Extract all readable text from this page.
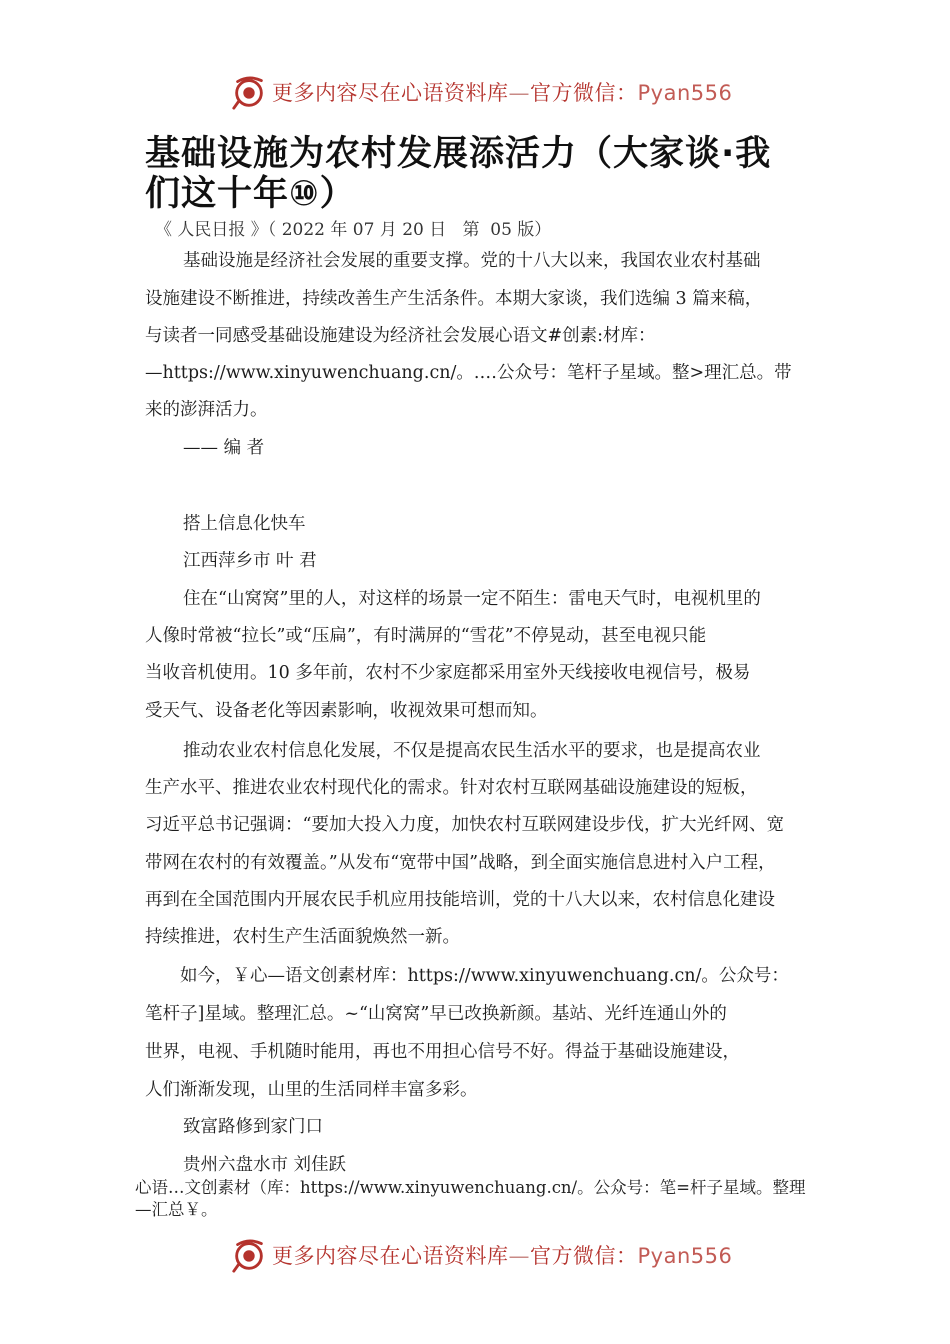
更多内容尽在心语资料库—官方微信：Pyan556
基础设施为农村发展添活力（大家谈·我
们这十年⑩）
《 人民日报 》（ 2022 年 07 月 20 日   第  05 版）
基础设施是经济社会发展的重要支撑。党的十八大以来，我国农业农村基础
设施建设不断推进，持续改善生产生活条件。本期大家谈，我们选编 3 篇来稿，
与读者一同感受基础设施建设为经济社会发展心语文#创素:材库：
—https://www.xinyuwenchuang.cn/。.…公众号：笔杆子星域。整>理汇总。带
来的澎湃活力。
—— 编 者
搭上信息化快车
江西萍乡市 叶 君
住在“山窝窝”里的人，对这样的场景一定不陌生：雷电天气时，电视机里的
人像时常被“拉长”或“压扁”，有时满屏的“雪花”不停晃动，甚至电视只能
当收音机使用。10 多年前，农村不少家庭都采用室外天线接收电视信号，极易
受天气、设备老化等因素影响，收视效果可想而知。
推动农业农村信息化发展，不仅是提高农民生活水平的要求，也是提高农业
生产水平、推进农业农村现代化的需求。针对农村互联网基础设施建设的短板，
习近平总书记强调：“要加大投入力度，加快农村互联网建设步伐，扩大光纤网、宽
带网在农村的有效覆盖。”从发布“宽带中国”战略，到全面实施信息进村入户工程，
再到在全国范围内开展农民手机应用技能培训，党的十八大以来，农村信息化建设
持续推进，农村生产生活面貌焕然一新。
如今，￥心—语文创素材库：https://www.xinyuwenchuang.cn/。公众号：
笔杆子]星域。整理汇总。~“山窝窝”早已改换新颜。基站、光纤连通山外的
世界，电视、手机随时能用，再也不用担心信号不好。得益于基础设施建设，
人们渐渐发现，山里的生活同样丰富多彩。
致富路修到家门口
贵州六盘水市 刘佳跃
心语…文创素材（库：https://www.xinyuwenchuang.cn/。公众号：笔=杆子星域。整理
—汇总￥。
更多内容尽在心语资料库—官方微信：Pyan556
